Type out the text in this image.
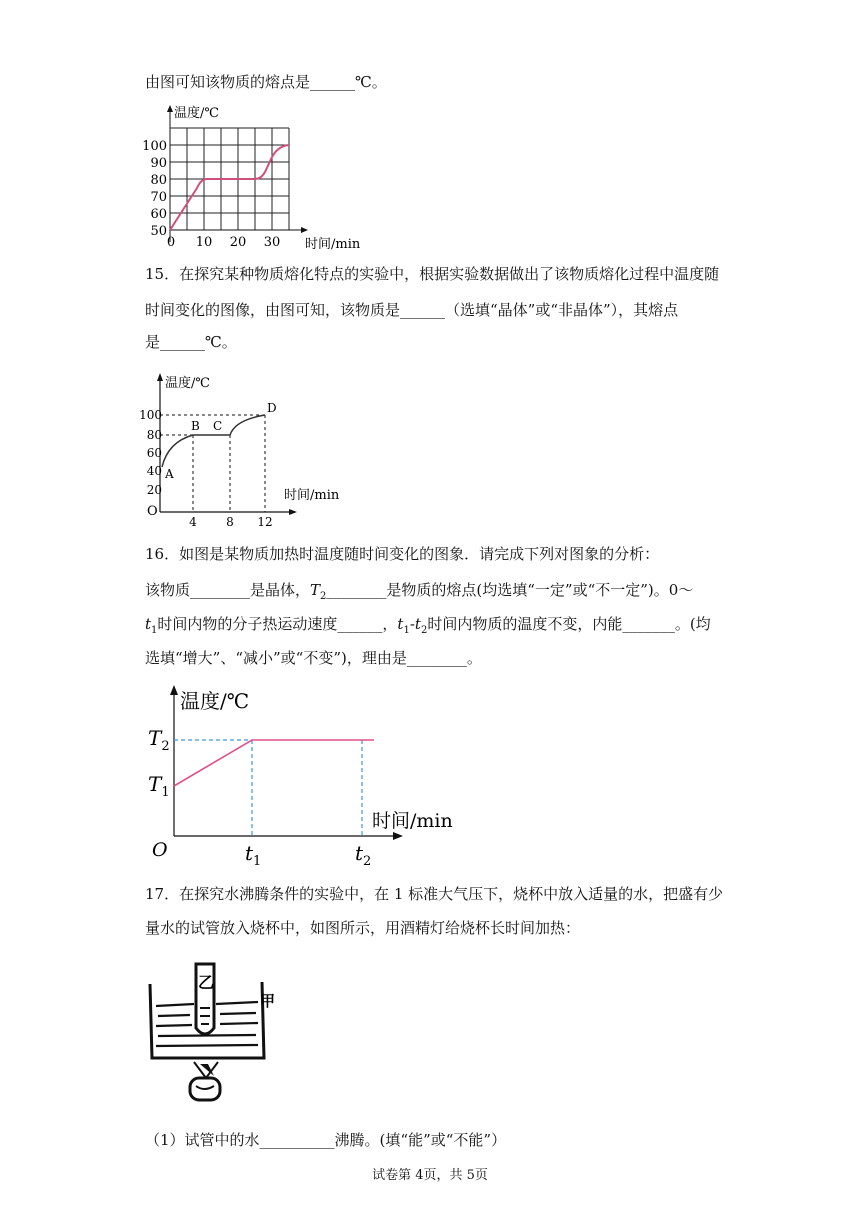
由图可知该物质的熔点是______℃。
温度/℃
时间/min
100
90
80
70
60
50
0 10 20 30
15．在探究某种物质熔化特点的实验中，根据实验数据做出了该物质熔化过程中温度随
时间变化的图像，由图可知，该物质是______（选填“晶体”或“非晶体”），其熔点
是______℃。
温度/℃
时间/min
O
100
80
60
40
20
A
B C
D
4 8 12
16．如图是某物质加热时温度随时间变化的图象．请完成下列对图象的分析：
该物质________是晶体，$T_2\_\_\_\_\_\_\_\_$是物质的熔点(均选填“一定”或“不一定”)。0～
$t_1$时间内物的分子热运动速度______，$t_1-t_2$时间内物质的温度不变，内能_______。(均
选填“增大”、“减小”或“不变”)，理由是________。
温度/℃
时间/min
O
$T_2$
$T_1$
$t_1$	$t_2$
17．在探究水沸腾条件的实验中，在 1 标准大气压下，烧杯中放入适量的水，把盛有少
量水的试管放入烧杯中，如图所示，用酒精灯给烧杯长时间加热：
乙
甲
（1）试管中的水__________沸腾。(填“能”或“不能”）
试卷第 4页，共 5页
